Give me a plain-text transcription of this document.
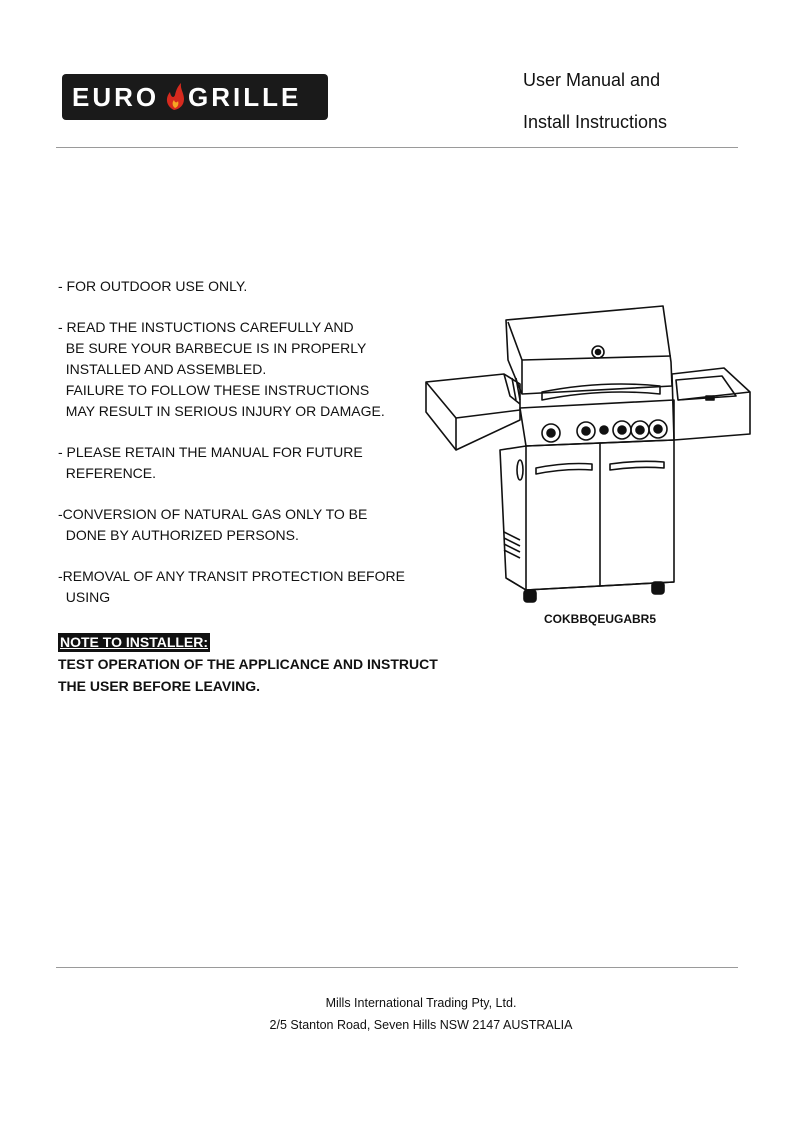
EURO GRILLE
User Manual and
Install Instructions

- FOR OUTDOOR USE ONLY.

- READ THE INSTUCTIONS CAREFULLY AND
BE SURE YOUR BARBECUE IS IN PROPERLY
INSTALLED AND ASSEMBLED.
FAILURE TO FOLLOW THESE INSTRUCTIONS
MAY RESULT IN SERIOUS INJURY OR DAMAGE.

- PLEASE RETAIN THE MANUAL FOR FUTURE
REFERENCE.

-CONVERSION OF NATURAL GAS ONLY TO BE
DONE BY AUTHORIZED PERSONS.

-REMOVAL OF ANY TRANSIT PROTECTION BEFORE
USING

NOTE TO INSTALLER:
TEST OPERATION OF THE APPLICANCE AND INSTRUCT
THE USER BEFORE LEAVING.
COKBBQEUGABR5
Mills International Trading Pty, Ltd.
2/5 Stanton Road, Seven Hills NSW 2147 AUSTRALIA
